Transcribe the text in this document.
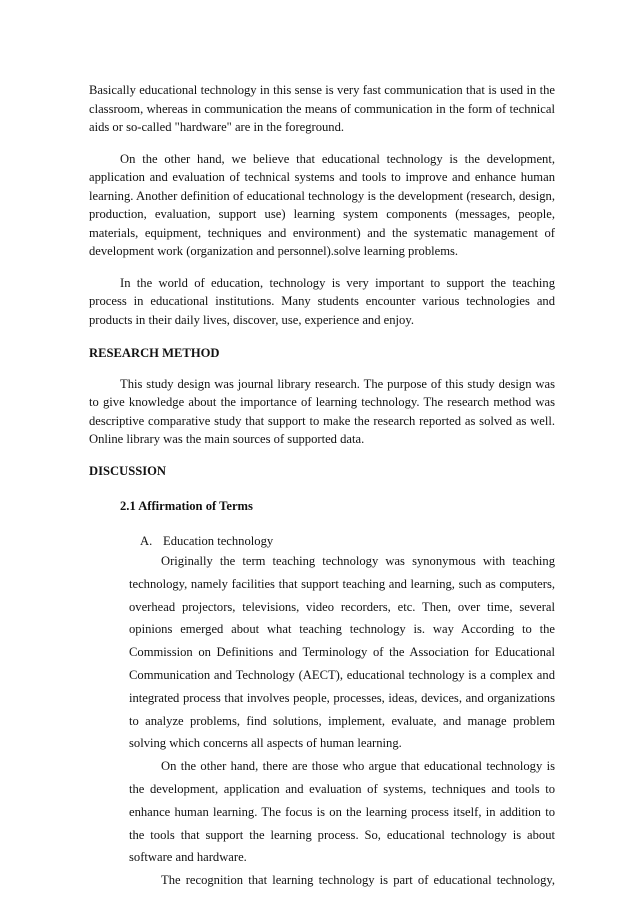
Basically educational technology in this sense is very fast communication that is used in the classroom, whereas in communication the means of communication in the form of technical aids or so-called "hardware" are in the foreground.

On the other hand, we believe that educational technology is the development, application and evaluation of technical systems and tools to improve and enhance human learning. Another definition of educational technology is the development (research, design, production, evaluation, support use) learning system components (messages, people, materials, equipment, techniques and environment) and the systematic management of development work (organization and personnel).solve learning problems.

In the world of education, technology is very important to support the teaching process in educational institutions. Many students encounter various technologies and products in their daily lives, discover, use, experience and enjoy.

RESEARCH METHOD

This study design was journal library research. The purpose of this study design was to give knowledge about the importance of learning technology. The research method was descriptive comparative study that support to make the research reported as solved as well. Online library was the main sources of supported data.

DISCUSSION
2.1 Affirmation of Terms
A. Education technology

Originally the term teaching technology was synonymous with teaching technology, namely facilities that support teaching and learning, such as computers, overhead projectors, televisions, video recorders, etc. Then, over time, several opinions emerged about what teaching technology is. way According to the Commission on Definitions and Terminology of the Association for Educational Communication and Technology (AECT), educational technology is a complex and integrated process that involves people, processes, ideas, devices, and organizations to analyze problems, find solutions, implement, evaluate, and manage problem solving which concerns all aspects of human learning.

On the other hand, there are those who argue that educational technology is the development, application and evaluation of systems, techniques and tools to enhance human learning. The focus is on the learning process itself, in addition to the tools that support the learning process. So, educational technology is about software and hardware.

The recognition that learning technology is part of educational technology,
